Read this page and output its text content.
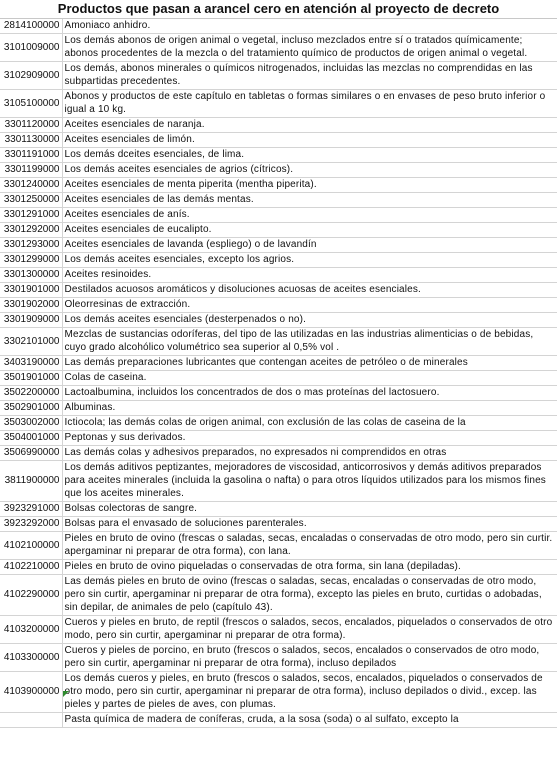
Productos que pasan a arancel cero en atención al proyecto de decreto
2814100000	Amoniaco anhidro.
3101009000	Los demás abonos de origen animal o vegetal, incluso mezclados entre sí o tratados químicamente; abonos procedentes de la mezcla o del tratamiento químico de productos de origen animal o vegetal.
3102909000	Los demás, abonos minerales o químicos nitrogenados, incluidas las mezclas no comprendidas en las subpartidas precedentes.
3105100000	Abonos y productos de este capítulo en tabletas o formas similares o en envases de peso bruto inferior o igual a 10 kg.
3301120000	Aceites esenciales de naranja.
3301130000	Aceites esenciales de limón.
3301191000	Los demás dceites esenciales, de lima.
3301199000	Los demás aceites esenciales de agrios (cítricos).
3301240000	Aceites esenciales de menta piperita (mentha piperita).
3301250000	Aceites esenciales de las demás mentas.
3301291000	Aceites esenciales de anís.
3301292000	Aceites esenciales de eucalipto.
3301293000	Aceites esenciales de lavanda (espliego) o de lavandín
3301299000	Los demás aceites esenciales, excepto los agrios.
3301300000	Aceites resinoides.
3301901000	Destilados acuosos aromáticos y disoluciones acuosas de aceites esenciales.
3301902000	Oleorresinas de extracción.
3301909000	Los demás aceites esenciales (desterpenados o no).
3302101000	Mezclas de sustancias odoríferas, del tipo de las utilizadas en las industrias alimenticias o de bebidas, cuyo grado alcohólico volumétrico sea superior al 0,5% vol .
3403190000	Las demás preparaciones lubricantes que contengan aceites de petróleo o de minerales
3501901000	Colas de caseina.
3502200000	Lactoalbumina, incluidos los concentrados de dos o mas proteínas del lactosuero.
3502901000	Albuminas.
3503002000	Ictiocola; las demás colas de origen animal, con exclusión de las colas de caseina de la
3504001000	Peptonas y sus derivados.
3506990000	Las demás colas y adhesivos preparados, no expresados ni comprendidos en otras
3811900000	Los demás aditivos peptizantes, mejoradores de viscosidad, anticorrosivos y demás aditivos preparados para aceites minerales (incluida la gasolina o nafta) o para otros líquidos utilizados para los mismos fines que los aceites minerales.
3923291000	Bolsas colectoras de sangre.
3923292000	Bolsas para el envasado de soluciones parenterales.
4102100000	Pieles en bruto de ovino (frescas o saladas, secas, encaladas o conservadas de otro modo, pero sin curtir. apergaminar ni preparar de otra forma), con lana.
4102210000	Pieles en bruto de ovino piqueladas o conservadas de otra forma, sin lana (depiladas).
4102290000	Las demás pieles en bruto de ovino (frescas o saladas, secas, encaladas o conservadas de otro modo, pero sin curtir, apergaminar ni preparar de otra forma), excepto las pieles en bruto, curtidas o adobadas, sin depilar, de animales de pelo (capítulo 43).
4103200000	Cueros y pieles en bruto, de reptil (frescos o salados, secos, encalados, piquelados o conservados de otro modo, pero sin curtir, apergaminar ni preparar de otra forma).
4103300000	Cueros y pieles de porcino, en bruto (frescos o salados, secos, encalados o conservados de otro modo, pero sin curtir, apergaminar ni preparar de otra forma), incluso depilados
4103900000	Los demás cueros y pieles, en bruto (frescos o salados, secos, encalados, piquelados o conservados de otro modo, pero sin curtir, apergaminar ni preparar de otra forma), incluso depilados o divid., excep. las pieles y partes de pieles de aves, con plumas.
	Pasta química de madera de coníferas, cruda, a la sosa (soda) o al sulfato, excepto la
